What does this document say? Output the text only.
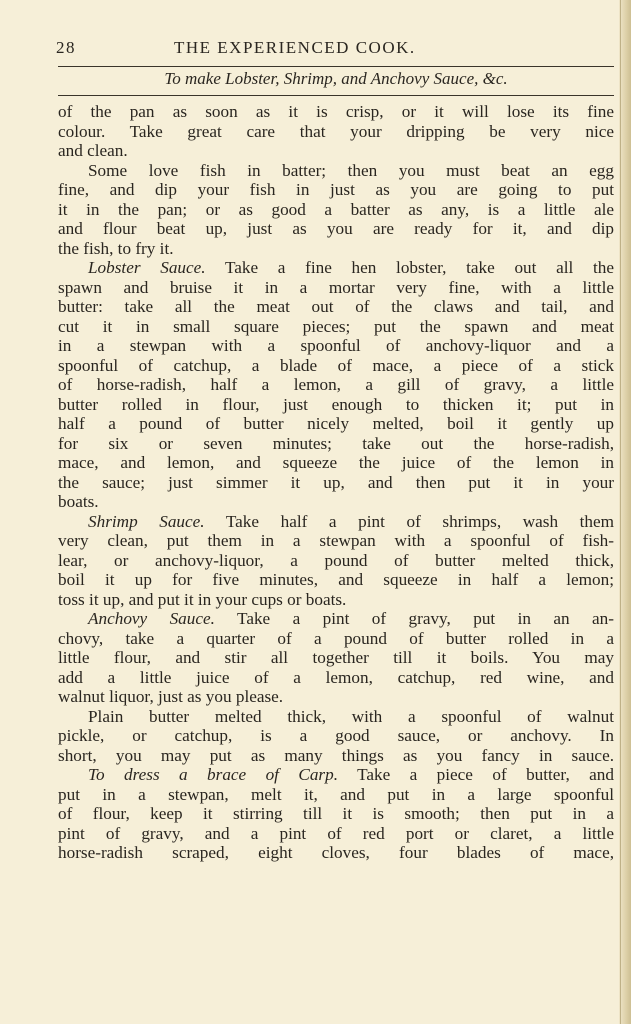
28	THE EXPERIENCED COOK.
To make Lobster, Shrimp, and Anchovy Sauce, &c.
of the pan as soon as it is crisp, or it will lose its fine
colour. Take great care that your dripping be very nice
and clean.
Some love fish in batter; then you must beat an egg
fine, and dip your fish in just as you are going to put
it in the pan; or as good a batter as any, is a little ale
and flour beat up, just as you are ready for it, and dip
the fish, to fry it.
Lobster Sauce. Take a fine hen lobster, take out all the
spawn and bruise it in a mortar very fine, with a little
butter: take all the meat out of the claws and tail, and
cut it in small square pieces; put the spawn and meat
in a stewpan with a spoonful of anchovy-liquor and a
spoonful of catchup, a blade of mace, a piece of a stick
of horse-radish, half a lemon, a gill of gravy, a little
butter rolled in flour, just enough to thicken it; put in
half a pound of butter nicely melted, boil it gently up
for six or seven minutes; take out the horse-radish,
mace, and lemon, and squeeze the juice of the lemon in
the sauce; just simmer it up, and then put it in your
boats.
Shrimp Sauce. Take half a pint of shrimps, wash them
very clean, put them in a stewpan with a spoonful of fish-
lear, or anchovy-liquor, a pound of butter melted thick,
boil it up for five minutes, and squeeze in half a lemon;
toss it up, and put it in your cups or boats.
Anchovy Sauce. Take a pint of gravy, put in an an-
chovy, take a quarter of a pound of butter rolled in a
little flour, and stir all together till it boils. You may
add a little juice of a lemon, catchup, red wine, and
walnut liquor, just as you please.
Plain butter melted thick, with a spoonful of walnut
pickle, or catchup, is a good sauce, or anchovy. In
short, you may put as many things as you fancy in sauce.
To dress a brace of Carp. Take a piece of butter, and
put in a stewpan, melt it, and put in a large spoonful
of flour, keep it stirring till it is smooth; then put in a
pint of gravy, and a pint of red port or claret, a little
horse-radish scraped, eight cloves, four blades of mace,
